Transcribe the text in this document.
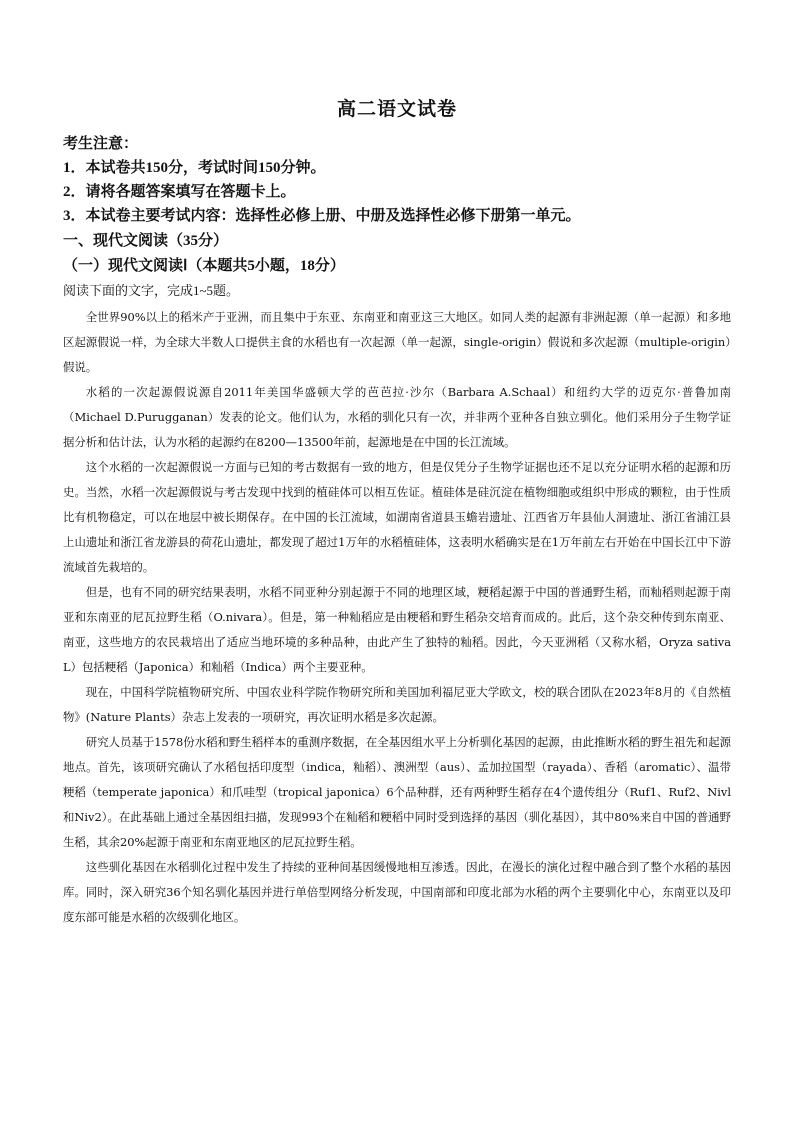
高二语文试卷
考生注意：
1．本试卷共150分，考试时间150分钟。
2．请将各题答案填写在答题卡上。
3．本试卷主要考试内容：选择性必修上册、中册及选择性必修下册第一单元。
一、现代文阅读（35分）
（一）现代文阅读Ⅰ（本题共5小题，18分）
阅读下面的文字，完成1~5题。

全世界90%以上的稻米产于亚洲，而且集中于东亚、东南亚和南亚这三大地区。如同人类的起源有非洲起源（单一起源）和多地区起源假说一样，为全球大半数人口提供主食的水稻也有一次起源（单一起源，single-origin）假说和多次起源（multiple-origin）假说。

水稻的一次起源假说源自2011年美国华盛顿大学的芭芭拉·沙尔（Barbara A.Schaal）和纽约大学的迈克尔·普鲁加南（Michael D.Purugganan）发表的论文。他们认为，水稻的驯化只有一次，并非两个亚种各自独立驯化。他们采用分子生物学证据分析和估计法，认为水稻的起源约在8200—13500年前，起源地是在中国的长江流域。

这个水稻的一次起源假说一方面与已知的考古数据有一致的地方，但是仅凭分子生物学证据也还不足以充分证明水稻的起源和历史。当然，水稻一次起源假说与考古发现中找到的植硅体可以相互佐证。植硅体是硅沉淀在植物细胞或组织中形成的颗粒，由于性质比有机物稳定，可以在地层中被长期保存。在中国的长江流域，如湖南省道县玉蟾岩遗址、江西省万年县仙人洞遗址、浙江省浦江县上山遗址和浙江省龙游县的荷花山遗址，都发现了超过1万年的水稻植硅体，这表明水稻确实是在1万年前左右开始在中国长江中下游流域首先栽培的。

但是，也有不同的研究结果表明，水稻不同亚种分别起源于不同的地理区域，粳稻起源于中国的普通野生稻，而籼稻则起源于南亚和东南亚的尼瓦拉野生稻（O.nivara）。但是，第一种籼稻应是由粳稻和野生稻杂交培育而成的。此后，这个杂交种传到东南亚、南亚，这些地方的农民栽培出了适应当地环境的多种品种，由此产生了独特的籼稻。因此，今天亚洲稻（又称水稻，Oryza sativa L）包括粳稻（Japonica）和籼稻（Indica）两个主要亚种。

现在，中国科学院植物研究所、中国农业科学院作物研究所和美国加利福尼亚大学欧文，校的联合团队在2023年8月的《自然植物》(Nature Plants）杂志上发表的一项研究，再次证明水稻是多次起源。

研究人员基于1578份水稻和野生稻样本的重测序数据，在全基因组水平上分析驯化基因的起源，由此推断水稻的野生祖先和起源地点。首先，该项研究确认了水稻包括印度型（indica，籼稻）、澳洲型（aus）、孟加拉国型（rayada）、香稻（aromatic）、温带粳稻（temperate japonica）和爪哇型（tropical japonica）6个品种群，还有两种野生稻存在4个遗传组分（Ruf1、Ruf2、Nivl和Niv2）。在此基础上通过全基因组扫描，发现993个在籼稻和粳稻中同时受到选择的基因（驯化基因），其中80%来自中国的普通野生稻，其余20%起源于南亚和东南亚地区的尼瓦拉野生稻。

这些驯化基因在水稻驯化过程中发生了持续的亚种间基因缓慢地相互渗透。因此，在漫长的演化过程中融合到了整个水稻的基因库。同时，深入研究36个知名驯化基因并进行单倍型网络分析发现，中国南部和印度北部为水稻的两个主要驯化中心，东南亚以及印度东部可能是水稻的次级驯化地区。
